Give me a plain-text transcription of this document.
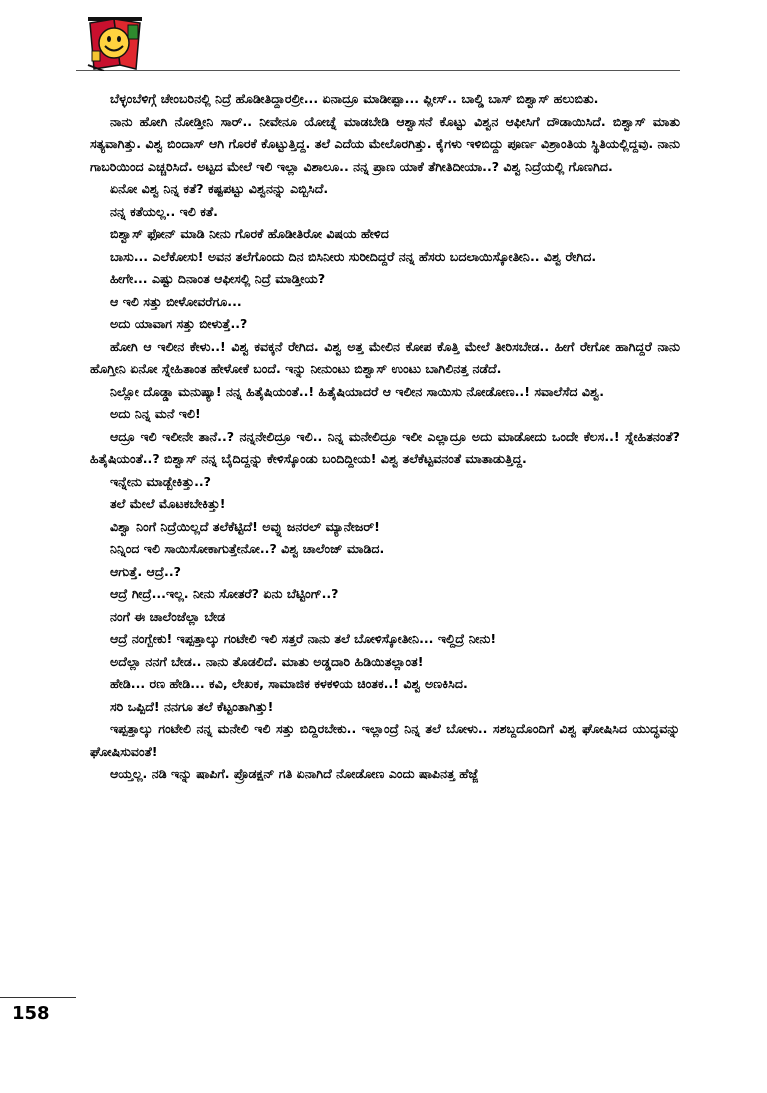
ಬೆಳ್ಳಂಬೆಳಿಗ್ಗೆ ಚೇಂಬರಿನಲ್ಲಿ ನಿದ್ರೆ ಹೊಡೀತಿದ್ದಾರಲ್ರೀ... ಏನಾದ್ರೂ ಮಾಡೀಪ್ಪಾ... ಪ್ಲೀಸ್.. ಬಾಲ್ಡಿ ಬಾಸ್ ಬಿಶ್ವಾಸ್ ಹಲುಬಿತು.

ನಾನು ಹೋಗಿ ನೋಡ್ತೀನಿ ಸಾರ್.. ನೀವೇನೂ ಯೋಚ್ನೆ ಮಾಡಬೇಡಿ ಆಶ್ವಾಸನೆ ಕೊಟ್ಟು ವಿಶ್ವನ ಆಫೀಸಿಗೆ ದೌಡಾಯಿಸಿದೆ. ಬಿಶ್ವಾಸ್ ಮಾತು ಸತ್ಯವಾಗಿತ್ತು. ವಿಶ್ವ ಬಿಂದಾಸ್ ಆಗಿ ಗೊರಕೆ ಕೊಟ್ಟುತ್ತಿದ್ದ. ತಲೆ ಎದೆಯ ಮೇಲೊರಗಿತ್ತು. ಕೈಗಳು ಇಳಿಬಿದ್ದು ಪೂರ್ಣ ವಿಶ್ರಾಂತಿಯ ಸ್ಥಿತಿಯಲ್ಲಿದ್ದವು. ನಾನು ಗಾಬರಿಯಿಂದ ಎಚ್ಚರಿಸಿದೆ. ಅಟ್ಟದ ಮೇಲೆ ಇಲಿ ಇಲ್ಲಾ ವಿಶಾಲೂ.. ನನ್ನ ಪ್ರಾಣ ಯಾಕೆ ತೆಗೀತಿದೀಯಾ..? ವಿಶ್ವ ನಿದ್ರೆಯಲ್ಲಿ ಗೊಣಗಿದ.

ಏನೋ ವಿಶ್ವ ನಿನ್ನ ಕತೆ? ಕಷ್ಟಪಟ್ಟು ವಿಶ್ವನನ್ನು ಎಬ್ಬಿಸಿದೆ.

ನನ್ನ ಕತೆಯಲ್ಲ.. ಇಲಿ ಕತೆ.

ಬಿಶ್ವಾಸ್ ಫೋನ್ ಮಾಡಿ ನೀನು ಗೊರಕೆ ಹೊಡೀತಿರೋ ವಿಷಯ ಹೇಳಿದ

ಬಾಸು... ಎಲೆಕೋಸು! ಅವನ ತಲೆಗೊಂದು ದಿನ ಬಿಸಿನೀರು ಸುರೀದಿದ್ದರೆ ನನ್ನ ಹೆಸರು ಬದಲಾಯಿಸ್ಕೋತೀನಿ.. ವಿಶ್ವ ರೇಗಿದ.

ಹೀಗೇ... ಎಷ್ಟು ದಿನಾಂತ ಆಫೀಸಲ್ಲಿ ನಿದ್ರೆ ಮಾಡ್ತೀಯ?

ಆ ಇಲಿ ಸತ್ತು ಬೀಳೋವರೆಗೂ...

ಅದು ಯಾವಾಗ ಸತ್ತು ಬೀಳುತ್ತೆ..?

ಹೋಗಿ ಆ ಇಲೀನ ಕೇಳು..! ವಿಶ್ವ ಕವಕ್ಕನೆ ರೇಗಿದ. ವಿಶ್ವ ಅತ್ತ ಮೇಲಿನ ಕೋಪ ಕೊತ್ತಿ ಮೇಲೆ ತೀರಿಸಬೇಡ.. ಹೀಗೆ ರೇಗೋ ಹಾಗಿದ್ದರೆ ನಾನು ಹೊಗ್ತೀನಿ ಏನೋ ಸ್ನೇಹಿತಾಂತ ಹೇಳೋಕೆ ಬಂದೆ. ಇನ್ನು ನೀನುಂಟು ಬಿಶ್ವಾಸ್ ಉಂಟು ಬಾಗಿಲಿನತ್ತ ನಡೆದೆ.

ನಿಲ್ಲೋ ದೊಡ್ಡಾ ಮನುಷ್ಯಾ! ನನ್ನ ಹಿತೈಷಿಯಂತೆ..! ಹಿತೈಷಿಯಾದರೆ ಆ ಇಲೀನ ಸಾಯಿಸು ನೋಡೋಣ..! ಸವಾಲೆಸೆದ ವಿಶ್ವ.

ಅದು ನಿನ್ನ ಮನೆ ಇಲಿ!

ಆದ್ರೂ ಇಲಿ ಇಲೀನೇ ತಾನೆ..? ನನ್ನನೇಲಿದ್ರೂ ಇಲಿ.. ನಿನ್ನ ಮನೇಲಿದ್ರೂ ಇಲೀ ಎಲ್ಲಾದ್ರೂ ಅದು ಮಾಡೋದು ಒಂದೇ ಕೆಲಸ..! ಸ್ನೇಹಿತನಂತೆ? ಹಿತೈಷಿಯಂತೆ..? ಬಿಶ್ವಾಸ್ ನನ್ನ ಬೈದಿದ್ದನ್ನು ಕೇಳಿಸ್ಕೊಂಡು ಬಂದಿದ್ದೀಯ! ವಿಶ್ವ ತಲೆಕೆಟ್ಟವನಂತೆ ಮಾತಾಡುತ್ತಿದ್ದ.

ಇನ್ನೇನು ಮಾಡ್ಬೇಕಿತ್ತು..?

ತಲೆ ಮೇಲೆ ಮೊಟಕಬೇಕಿತ್ತು!

ವಿಶ್ವಾ ನಿಂಗೆ ನಿದ್ರೆಯಿಲ್ಲದೆ ತಲೆಕೆಟ್ಟಿದೆ! ಅವ್ನು ಜನರಲ್ ಮ್ಯಾನೇಜರ್!

ನಿನ್ನಿಂದ ಇಲಿ ಸಾಯಿಸೋಕಾಗುತ್ತೇನೋ..? ವಿಶ್ವ ಚಾಲೆಂಜ್ ಮಾಡಿದ.

ಆಗುತ್ತೆ. ಆದ್ರೆ..?

ಆದ್ರೆ ಗೀದ್ರೆ...ಇಲ್ಲ. ನೀನು ಸೋತರೆ? ಏನು ಬೆಟ್ಟಿಂಗ್..?

ನಂಗೆ ಈ ಚಾಲೆಂಜೆಲ್ಲಾ ಬೇಡ

ಆದ್ರೆ ನಂಗ್ಬೇಕು! ಇಪ್ಪತ್ತಾಲ್ಕು ಗಂಟೇಲಿ ಇಲಿ ಸತ್ತರೆ ನಾನು ತಲೆ ಬೋಳಿಸ್ಕೋತೀನಿ... ಇಲ್ದಿದ್ರೆ ನೀನು!

ಅದೆಲ್ಲಾ ನನಗೆ ಬೇಡ.. ನಾನು ತೊಡಲಿದೆ. ಮಾತು ಅಡ್ಡದಾರಿ ಹಿಡಿಯಿತಲ್ಲಾಂತ!

ಹೇಡಿ... ರಣ ಹೇಡಿ... ಕವಿ, ಲೇಖಕ, ಸಾಮಾಜಿಕ ಕಳಕಳಿಯ ಚಿಂತಕ..! ವಿಶ್ವ ಅಣಕಿಸಿದ.

ಸರಿ ಒಪ್ಪಿದೆ! ನನಗೂ ತಲೆ ಕೆಟ್ಟಂತಾಗಿತ್ತು!

ಇಪ್ಪತ್ತಾಲ್ಕು ಗಂಟೇಲಿ ನನ್ನ ಮನೇಲಿ ಇಲಿ ಸತ್ತು ಬಿದ್ದಿರಬೇಕು.. ಇಲ್ಲಾಂದ್ರೆ ನಿನ್ನ ತಲೆ ಬೋಳು.. ಸಶಬ್ದದೊಂದಿಗೆ ವಿಶ್ವ ಘೋಷಿಸಿದ ಯುದ್ಧವನ್ನು ಘೋಷಿಸುವಂತೆ!

ಆಯ್ತಲ್ಲ. ನಡಿ ಇನ್ನು ಷಾಪಿಗೆ. ಪ್ರೊಡಕ್ಷನ್ ಗತಿ ಏನಾಗಿದೆ ನೋಡೋಣ ಎಂದು ಷಾಪಿನತ್ತ ಹೆಜ್ಜೆ

158
